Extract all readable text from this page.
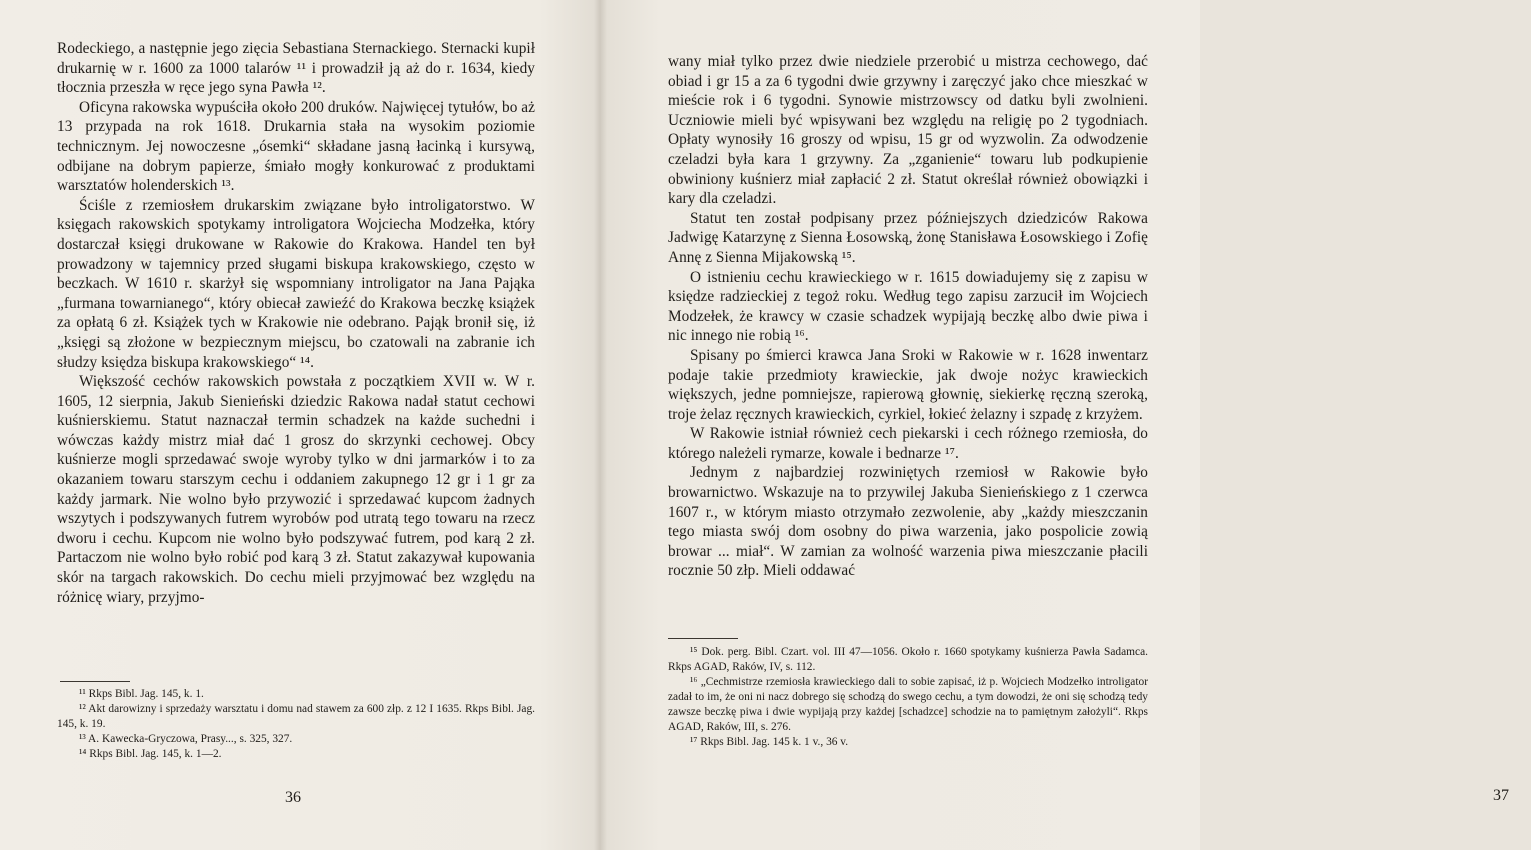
Rodeckiego, a następnie jego zięcia Sebastiana Sternackiego. Sternacki kupił drukarnię w r. 1600 za 1000 talarów ¹¹ i prowadził ją aż do r. 1634, kiedy tłocznia przeszła w ręce jego syna Pawła ¹².

Oficyna rakowska wypuściła około 200 druków. Najwięcej tytułów, bo aż 13 przypada na rok 1618. Drukarnia stała na wysokim poziomie technicznym. Jej nowoczesne „ósemki“ składane jasną łacinką i kursywą, odbijane na dobrym papierze, śmiało mogły konkurować z produktami warsztatów holenderskich ¹³.

Ściśle z rzemiosłem drukarskim związane było introligatorstwo. W księgach rakowskich spotykamy introligatora Wojciecha Modzełka, który dostarczał księgi drukowane w Rakowie do Krakowa. Handel ten był prowadzony w tajemnicy przed sługami biskupa krakowskiego, często w beczkach. W 1610 r. skarżył się wspomniany introligator na Jana Pająka „furmana towarnianego“, który obiecał zawieźć do Krakowa beczkę książek za opłatą 6 zł. Książek tych w Krakowie nie odebrano. Pająk bronił się, iż „księgi są złożone w bezpiecznym miejscu, bo czatowali na zabranie ich słudzy księdza biskupa krakowskiego“ ¹⁴.

Większość cechów rakowskich powstała z początkiem XVII w. W r. 1605, 12 sierpnia, Jakub Sienieński dziedzic Rakowa nadał statut cechowi kuśnierskiemu. Statut naznaczał termin schadzek na każde suchedni i wówczas każdy mistrz miał dać 1 grosz do skrzynki cechowej. Obcy kuśnierze mogli sprzedawać swoje wyroby tylko w dni jarmarków i to za okazaniem towaru starszym cechu i oddaniem zakupnego 12 gr i 1 gr za każdy jarmark. Nie wolno było przywozić i sprzedawać kupcom żadnych wszytych i podszywanych futrem wyrobów pod utratą tego towaru na rzecz dworu i cechu. Kupcom nie wolno było podszywać futrem, pod karą 2 zł. Partaczom nie wolno było robić pod karą 3 zł. Statut zakazywał kupowania skór na targach rakowskich. Do cechu mieli przyjmować bez względu na różnicę wiary, przyjmo-

¹¹ Rkps Bibl. Jag. 145, k. 1.

¹² Akt darowizny i sprzedaży warsztatu i domu nad stawem za 600 złp. z 12 I 1635. Rkps Bibl. Jag. 145, k. 19.

¹³ A. Kawecka-Gryczowa, Prasy..., s. 325, 327.

¹⁴ Rkps Bibl. Jag. 145, k. 1—2.

36

wany miał tylko przez dwie niedziele przerobić u mistrza cechowego, dać obiad i gr 15 a za 6 tygodni dwie grzywny i zaręczyć jako chce mieszkać w mieście rok i 6 tygodni. Synowie mistrzowscy od datku byli zwolnieni. Uczniowie mieli być wpisywani bez względu na religię po 2 tygodniach. Opłaty wynosiły 16 groszy od wpisu, 15 gr od wyzwolin. Za odwodzenie czeladzi była kara 1 grzywny. Za „zganienie“ towaru lub podkupienie obwiniony kuśnierz miał zapłacić 2 zł. Statut określał również obowiązki i kary dla czeladzi.

Statut ten został podpisany przez późniejszych dziedziców Rakowa Jadwigę Katarzynę z Sienna Łosowską, żonę Stanisława Łosowskiego i Zofię Annę z Sienna Mijakowską ¹⁵.

O istnieniu cechu krawieckiego w r. 1615 dowiadujemy się z zapisu w księdze radzieckiej z tegoż roku. Według tego zapisu zarzucił im Wojciech Modzełek, że krawcy w czasie schadzek wypijają beczkę albo dwie piwa i nic innego nie robią ¹⁶.

Spisany po śmierci krawca Jana Sroki w Rakowie w r. 1628 inwentarz podaje takie przedmioty krawieckie, jak dwoje nożyc krawieckich większych, jedne pomniejsze, rapierową głownię, siekierkę ręczną szeroką, troje żelaz ręcznych krawieckich, cyrkiel, łokieć żelazny i szpadę z krzyżem.

W Rakowie istniał również cech piekarski i cech różnego rzemiosła, do którego należeli rymarze, kowale i bednarze ¹⁷.

Jednym z najbardziej rozwiniętych rzemiosł w Rakowie było browarnictwo. Wskazuje na to przywilej Jakuba Sienieńskiego z 1 czerwca 1607 r., w którym miasto otrzymało zezwolenie, aby „każdy mieszczanin tego miasta swój dom osobny do piwa warzenia, jako pospolicie zowią browar ... miał“. W zamian za wolność warzenia piwa mieszczanie płacili rocznie 50 złp. Mieli oddawać

¹⁵ Dok. perg. Bibl. Czart. vol. III 47—1056. Około r. 1660 spotykamy kuśnierza Pawła Sadamca. Rkps AGAD, Raków, IV, s. 112.

¹⁶ „Cechmistrze rzemiosła krawieckiego dali to sobie zapisać, iż p. Wojciech Modzełko introligator zadał to im, że oni ni nacz dobrego się schodzą do swego cechu, a tym dowodzi, że oni się schodzą tedy zawsze beczkę piwa i dwie wypijają przy każdej [schadzce] schodzie na to pamiętnym założyli“. Rkps AGAD, Raków, III, s. 276.

¹⁷ Rkps Bibl. Jag. 145 k. 1 v., 36 v.

37
